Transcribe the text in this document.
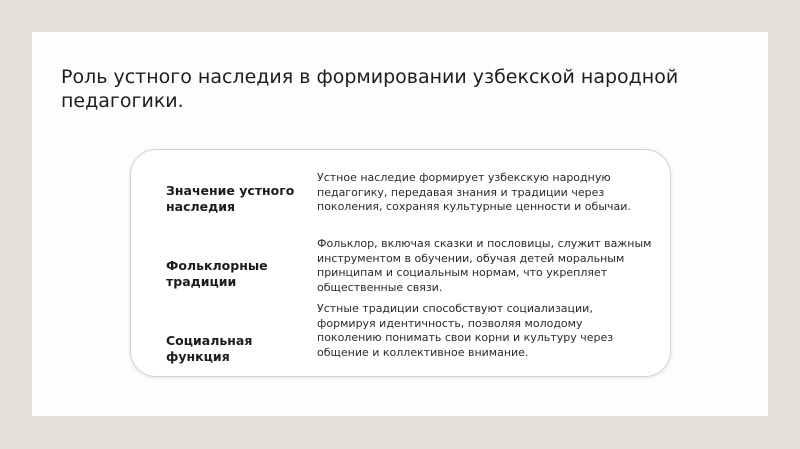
Роль устного наследия в формировании узбекской народной педагогики.

Значение устного
наследия

Устное наследие формирует узбекскую народную
педагогику, передавая знания и традиции через
поколения, сохраняя культурные ценности и обычаи.

Фольклорные
традиции

Фольклор, включая сказки и пословицы, служит важным
инструментом в обучении, обучая детей моральным
принципам и социальным нормам, что укрепляет
общественные связи.

Социальная
функция

Устные традиции способствуют социализации,
формируя идентичность, позволяя молодому
поколению понимать свои корни и культуру через
общение и коллективное внимание.
